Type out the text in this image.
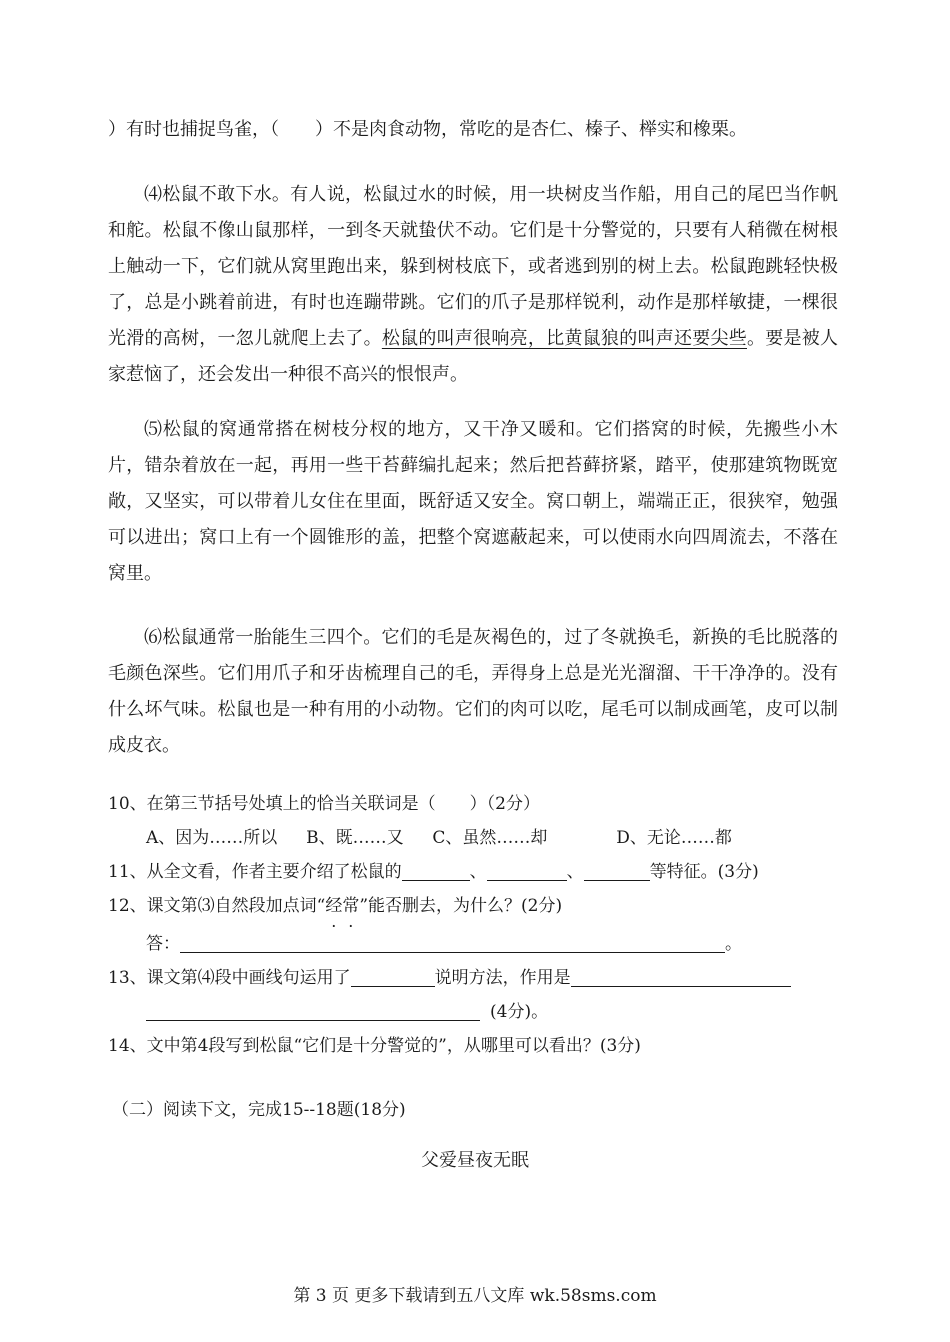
）有时也捕捉鸟雀，（　　）不是肉食动物，常吃的是杏仁、榛子、榉实和橡栗。

⑷松鼠不敢下水。有人说，松鼠过水的时候，用一块树皮当作船，用自己的尾巴当作帆和舵。松鼠不像山鼠那样，一到冬天就蛰伏不动。它们是十分警觉的，只要有人稍微在树根上触动一下，它们就从窝里跑出来，躲到树枝底下，或者逃到别的树上去。松鼠跑跳轻快极了，总是小跳着前进，有时也连蹦带跳。它们的爪子是那样锐利，动作是那样敏捷，一棵很光滑的高树，一忽儿就爬上去了。松鼠的叫声很响亮，比黄鼠狼的叫声还要尖些。要是被人家惹恼了，还会发出一种很不高兴的恨恨声。

⑸松鼠的窝通常搭在树枝分杈的地方，又干净又暖和。它们搭窝的时候，先搬些小木片，错杂着放在一起，再用一些干苔藓编扎起来；然后把苔藓挤紧，踏平，使那建筑物既宽敞，又坚实，可以带着儿女住在里面，既舒适又安全。窝口朝上，端端正正，很狭窄，勉强可以进出；窝口上有一个圆锥形的盖，把整个窝遮蔽起来，可以使雨水向四周流去，不落在窝里。

⑹松鼠通常一胎能生三四个。它们的毛是灰褐色的，过了冬就换毛，新换的毛比脱落的毛颜色深些。它们用爪子和牙齿梳理自己的毛，弄得身上总是光光溜溜、干干净净的。没有什么坏气味。松鼠也是一种有用的小动物。它们的肉可以吃，尾毛可以制成画笔，皮可以制成皮衣。

10、在第三节括号处填上的恰当关联词是（　　）（2分）
A、因为……所以 B、既……又 C、虽然……却	D、无论……都
11、从全文看，作者主要介绍了松鼠的	、	、	等特征。(3分)
12、课文第⑶自然段加点词“经常”能否删去，为什么？(2分)
答：	。
13、课文第⑷段中画线句运用了	说明方法，作用是
(4分)。
14、文中第4段写到松鼠“它们是十分警觉的”，从哪里可以看出？(3分)
（二）阅读下文，完成15--18题(18分)
父爱昼夜无眠
第 3 页 更多下载请到五八文库 wk.58sms.com
